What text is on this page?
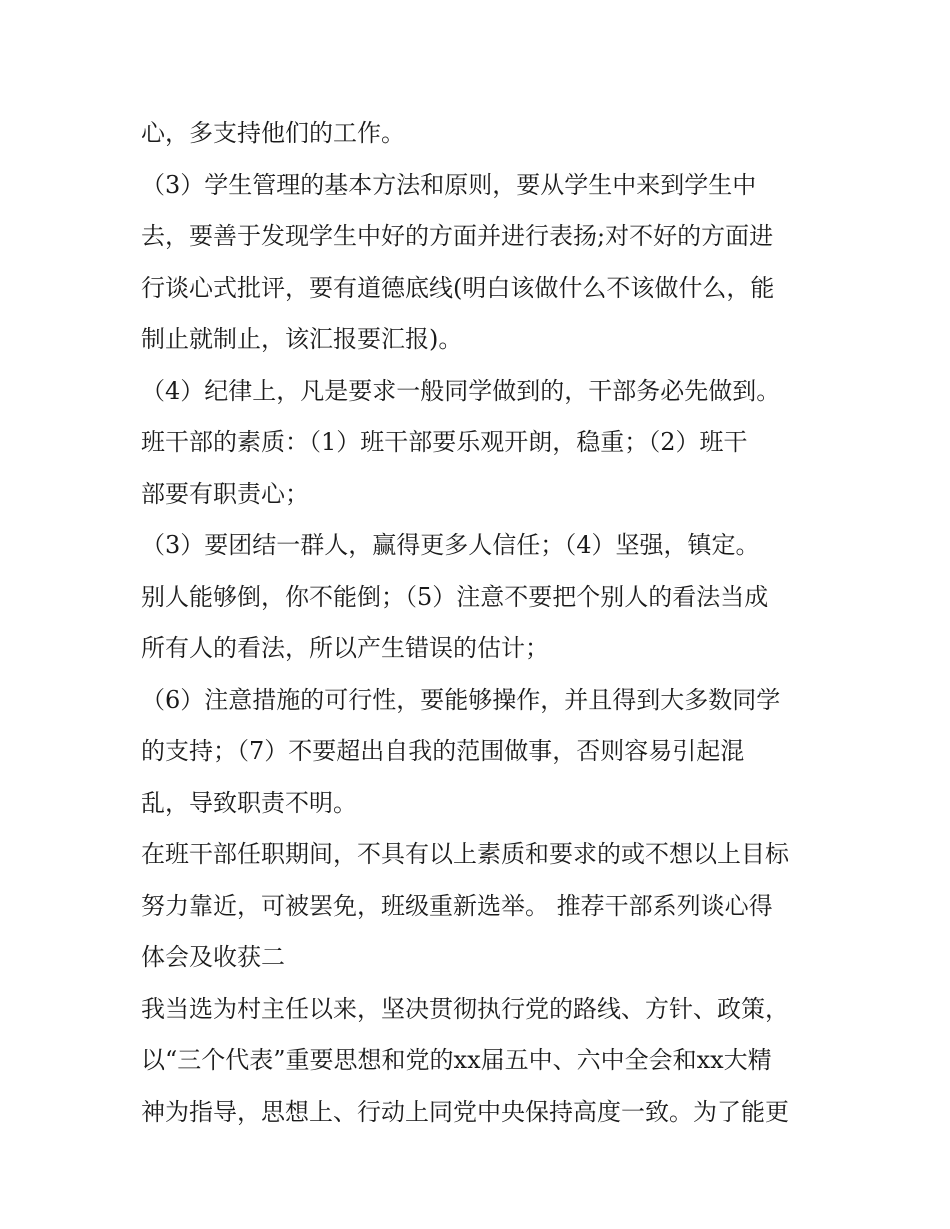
心，多支持他们的工作。
（3）学生管理的基本方法和原则，要从学生中来到学生中
去，要善于发现学生中好的方面并进行表扬;对不好的方面进
行谈心式批评，要有道德底线(明白该做什么不该做什么，能
制止就制止，该汇报要汇报)。
（4）纪律上，凡是要求一般同学做到的，干部务必先做到。
班干部的素质：（1）班干部要乐观开朗，稳重；（2）班干
部要有职责心；
（3）要团结一群人，赢得更多人信任；（4）坚强，镇定。
别人能够倒，你不能倒；（5）注意不要把个别人的看法当成
所有人的看法，所以产生错误的估计；
（6）注意措施的可行性，要能够操作，并且得到大多数同学
的支持；（7）不要超出自我的范围做事，否则容易引起混
乱，导致职责不明。
在班干部任职期间，不具有以上素质和要求的或不想以上目标
努力靠近，可被罢免，班级重新选举。 推荐干部系列谈心得
体会及收获二
我当选为村主任以来，坚决贯彻执行党的路线、方针、政策，
以“三个代表”重要思想和党的xx届五中、六中全会和xx大精
神为指导，思想上、行动上同党中央保持高度一致。为了能更
